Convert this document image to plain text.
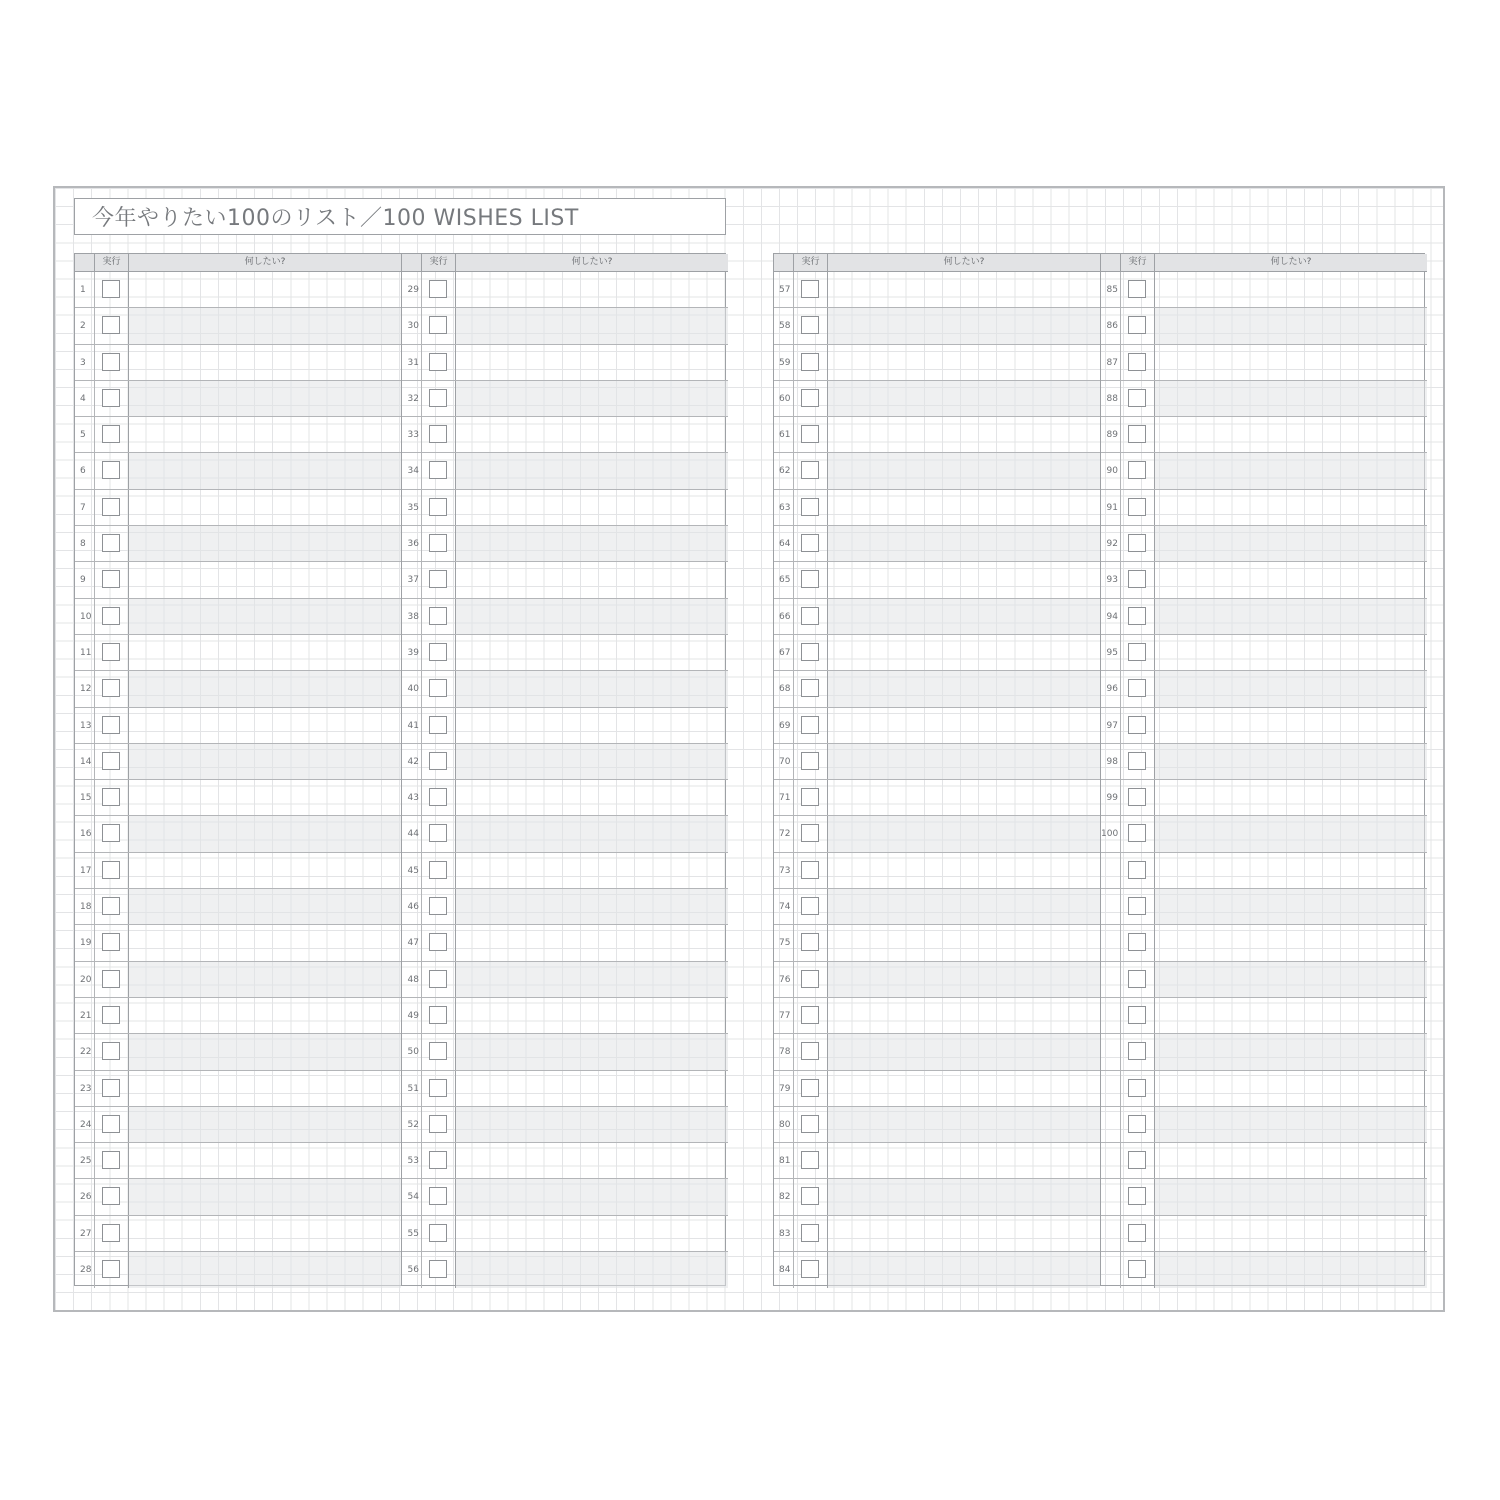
今年やりたい100のリスト／100 WISHES LIST
実行	何したい?
1
2
3
4
5
6
7
8
9
10
11
12
13
14
15
16
17
18
19
20
21
22
23
24
25
26
27
28
実行	何したい?
29
30
31
32
33
34
35
36
37
38
39
40
41
42
43
44
45
46
47
48
49
50
51
52
53
54
55
56
実行	何したい?
57
58
59
60
61
62
63
64
65
66
67
68
69
70
71
72
73
74
75
76
77
78
79
80
81
82
83
84
実行	何したい?
85
86
87
88
89
90
91
92
93
94
95
96
97
98
99
100
